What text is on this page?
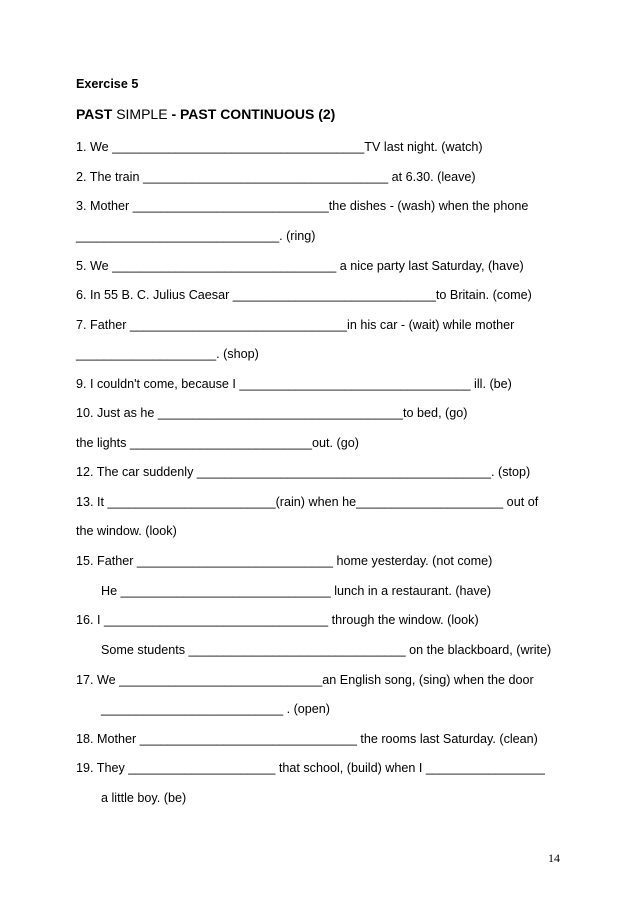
Exercise 5
PAST SIMPLE - PAST CONTINUOUS (2)
1. We ____________________________________TV last night. (watch)
2. The train ___________________________________ at 6.30. (leave)
3. Mother ____________________________the dishes - (wash) when the phone
_____________________________. (ring)
5. We ________________________________ a nice party last Saturday, (have)
6. In 55 B. C. Julius Caesar _____________________________to Britain. (come)
7. Father _______________________________in his car - (wait) while mother
____________________. (shop)
9. I couldn't come, because I _________________________________ ill. (be)
10. Just as he ___________________________________to bed, (go)
the lights __________________________out. (go)
12. The car suddenly __________________________________________. (stop)
13. It ________________________(rain) when he_____________________ out of
the window. (look)
15. Father ____________________________ home yesterday. (not come)
He ______________________________ lunch in a restaurant. (have)
16. I ________________________________ through the window. (look)
Some students _______________________________ on the blackboard, (write)
17. We _____________________________an English song, (sing) when the door
__________________________ . (open)
18. Mother _______________________________ the rooms last Saturday. (clean)
19. They _____________________ that school, (build) when I _________________
a little boy. (be)
14
